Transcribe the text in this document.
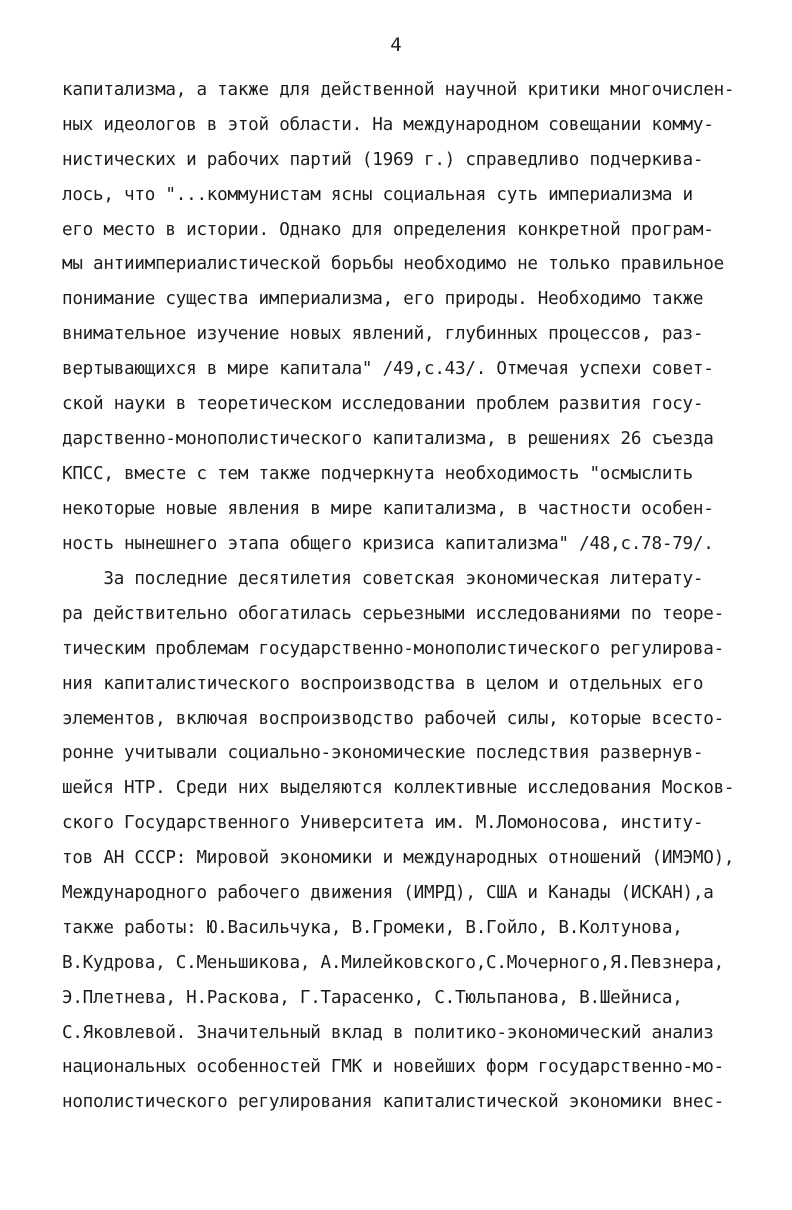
4
капитализма, а также для действенной научной критики многочислен-
ных идеологов в этой области. На международном совещании комму-
нистических и рабочих партий (1969 г.) справедливо подчеркива-
лось, что "...коммунистам ясны социальная суть империализма и
его место в истории. Однако для определения конкретной програм-
мы антиимпериалистической борьбы необходимо не только правильное
понимание существа империализма, его природы. Необходимо также
внимательное изучение новых явлений, глубинных процессов, раз-
вертывающихся в мире капитала" /49,с.43/. Отмечая успехи совет-
ской науки в теоретическом исследовании проблем развития госу-
дарственно-монополистического капитализма, в решениях 26 съезда
КПСС, вместе с тем также подчеркнута необходимость "осмыслить
некоторые новые явления в мире капитализма, в частности особен-
ность нынешнего этапа общего кризиса капитализма" /48,с.78-79/.
За последние десятилетия советская экономическая литерату-
ра действительно обогатилась серьезными исследованиями по теоре-
тическим проблемам государственно-монополистического регулирова-
ния капиталистического воспроизводства в целом и отдельных его
элементов, включая воспроизводство рабочей силы, которые всесто-
ронне учитывали социально-экономические последствия развернув-
шейся НТР. Среди них выделяются коллективные исследования Москов-
ского Государственного Университета им. М.Ломоносова, институ-
тов АН СССР: Мировой экономики и международных отношений (ИМЭМО),
Международного рабочего движения (ИМРД), США и Канады (ИСКАН),а
также работы: Ю.Васильчука, В.Громеки, В.Гойло, В.Колтунова,
В.Кудрова, С.Меньшикова, А.Милейковского,С.Мочерного,Я.Певзнера,
Э.Плетнева, Н.Раскова, Г.Тарасенко, С.Тюльпанова, В.Шейниса,
С.Яковлевой. Значительный вклад в политико-экономический анализ
национальных особенностей ГМК и новейших форм государственно-мо-
нополистического регулирования капиталистической экономики внес-
